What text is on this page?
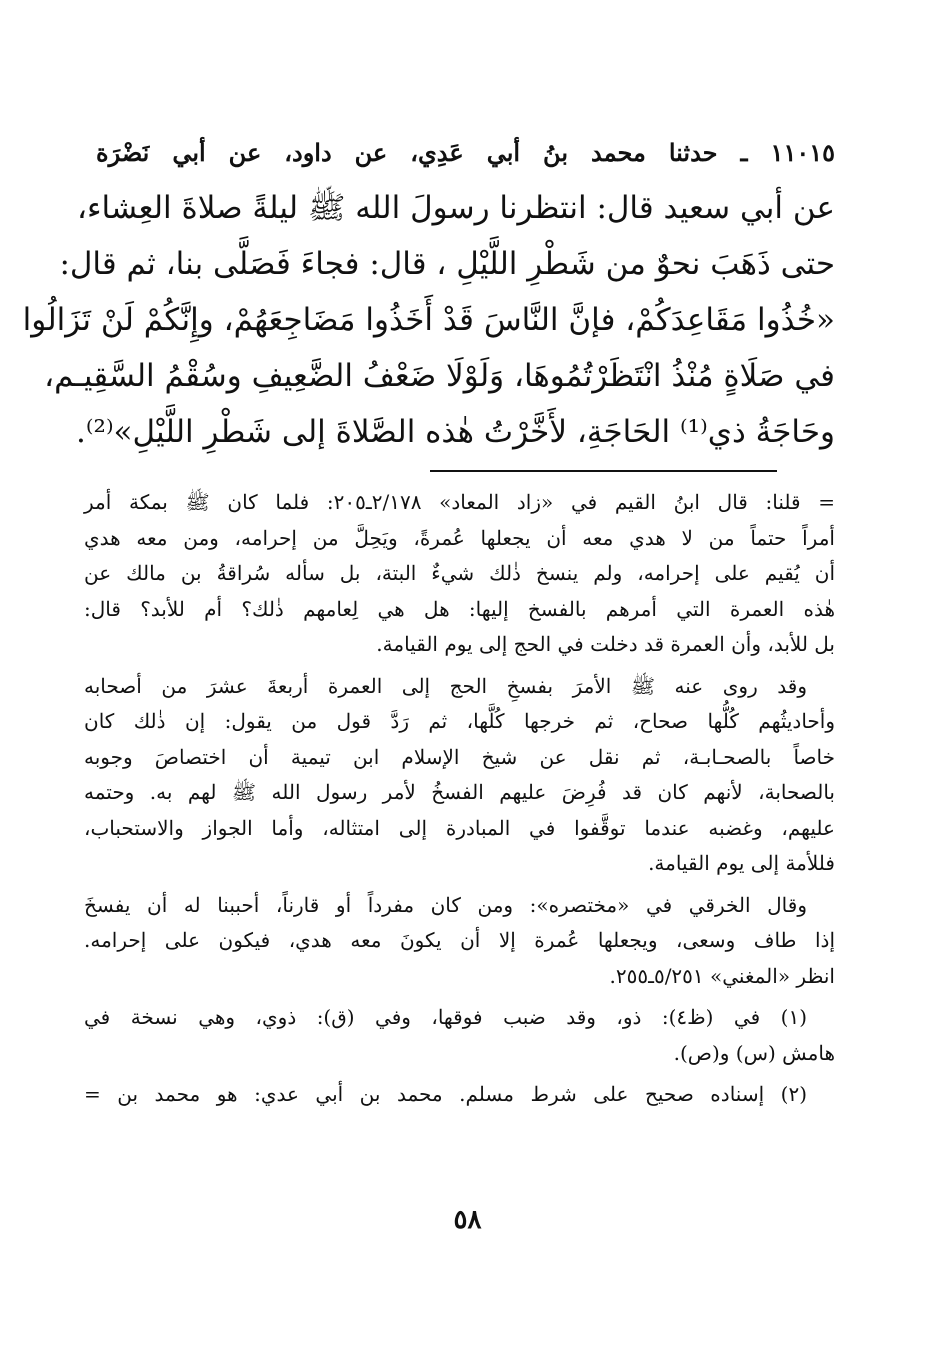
١١٠١٥ ـ حدثنا محمد بنُ أبي عَدِي، عن داود، عن أبي نَضْرَة
عن أبي سعيد قال: انتظرنا رسولَ الله ﷺ ليلةً صلاةَ العِشاء،
حتى ذَهَبَ نحوٌ من شَطْرِ اللَّيْلِ ، قال: فجاءَ فَصَلَّى بنا، ثم قال:
«خُذُوا مَقَاعِدَكُمْ، فإنَّ النَّاسَ قَدْ أَخَذُوا مَضَاجِعَهُمْ، وإِنَّكُمْ لَنْ تَزَالُوا
في صَلَاةٍ مُنْذُ انْتَظَرْتُمُوهَا، وَلَوْلَا ضَعْفُ الضَّعِيفِ وسُقْمُ السَّقِيـم،
وحَاجَةُ ذي⁽¹⁾ الحَاجَةِ، لأَخَّرْتُ هٰذه الصَّلاةَ إلى شَطْرِ اللَّيْلِ»⁽²⁾.
= قلنا: قال ابنُ القيم في «زاد المعاد» ٢/١٧٨ـ٢٠٥: فلما كان ﷺ بمكة أمر
أمراً حتماً من لا هدي معه أن يجعلها عُمرةً، ويَحِلَّ من إحرامه، ومن معه هدي
أن يُقيم على إحرامه، ولم ينسخ ذٰلك شيءٌ البتة، بل سأله سُراقةُ بن مالك عن
هٰذه العمرة التي أمرهم بالفسخ إليها: هل هي لِعامهم ذٰلك؟ أم للأبد؟ قال:
بل للأبد، وأن العمرة قد دخلت في الحج إلى يوم القيامة.
وقد روى عنه ﷺ الأمرَ بفسخِ الحج إلى العمرة أربعةَ عشرَ من أصحابه
وأحاديثُهم كُلُّها صحاح، ثم خرجها كُلَّها، ثم رَدَّ قول من يقول: إن ذٰلك كان
خاصاً بالصحـابـة، ثم نقل عن شيخ الإسلام ابن تيمية أن اختصاصَ وجوبه
بالصحابة، لأنهم كان قد فُرِضَ عليهم الفسخُ لأمر رسول الله ﷺ لهم به. وحتمه
عليهم، وغضبه عندما توقَّفوا في المبادرة إلى امتثاله، وأما الجواز والاستحباب،
فللأمة إلى يوم القيامة.
وقال الخرقي في «مختصره»: ومن كان مفرداً أو قارناً، أحببنا له أن يفسخَ
إذا طاف وسعى، ويجعلها عُمرة إلا أن يكونَ معه هدي، فيكون على إحرامه.
انظر «المغني» ٥/٢٥١ـ٢٥٥.
(١) في (ظ٤): ذو، وقد ضبب فوقها، وفي (ق): ذوي، وهي نسخة في
هامش (س) و(ص).
(٢) إسناده صحيح على شرط مسلم. محمد بن أبي عدي: هو محمد بن =
٥٨
